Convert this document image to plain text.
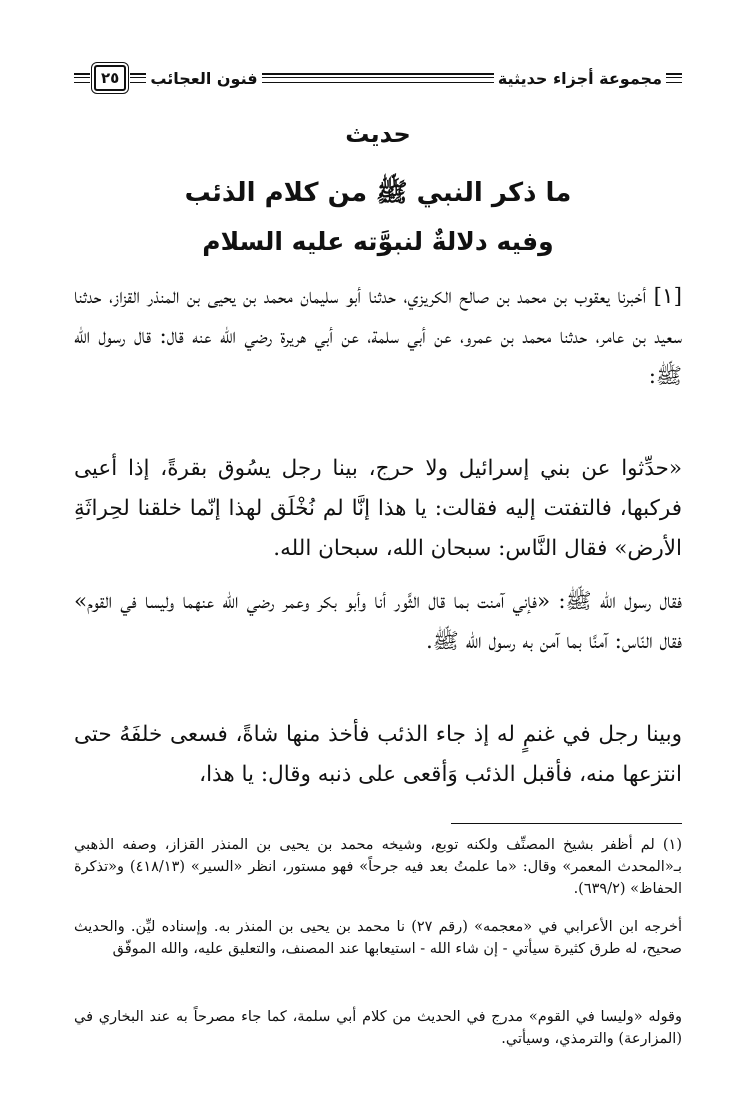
مجموعة أجزاء حديثية
فنون العجائب
٢٥
حديث
ما ذكر النبي ﷺ من كلام الذئب
وفيه دلالةٌ لنبوَّته عليه السلام
[١] أخبرنا يعقوب بن محمد بن صالح الكريزي، حدثنا أبو سليمان محمد بن يحيى بن المنذر القزاز، حدثنا سعيد بن عامر، حدثنا محمد بن عمرو، عن أبي سلمة، عن أبي هريرة رضي الله عنه قال: قال رسول الله ﷺ:
«حدِّثوا عن بني إسرائيل ولا حرج، بينا رجل يسُوق بقرةً، إذا أعيى فركبها، فالتفتت إليه فقالت: يا هذا إنَّا لم نُخْلَق لهذا إنّما خلقنا لحِراثَةِ الأرض» فقال النَّاس: سبحان الله، سبحان الله.
فقال رسول الله ﷺ: «فإني آمنت بما قال الثَّور أنا وأبو بكر وعمر رضي الله عنهما وليسا في القوم» فقال النّاس: آمنَّا بما آمن به رسول الله ﷺ.
وبينا رجل في غنمٍ له إذ جاء الذئب فأخذ منها شاةً، فسعى خلفَهُ حتى انتزعها منه، فأقبل الذئب وَأقعى على ذنبه وقال: يا هذا،
(١) لم أظفر بشيخ المصنِّف ولكنه توبع، وشيخه محمد بن يحيى بن المنذر القزاز، وصفه الذهبي بـ«المحدث المعمر» وقال: «ما علمتُ بعد فيه جرحاً» فهو مستور، انظر «السير» (٤١٨/١٣) و«تذكرة الحفاظ» (٦٣٩/٢).
أخرجه ابن الأعرابي في «معجمه» (رقم ٢٧) نا محمد بن يحيى بن المنذر به. وإسناده ليِّن. والحديث صحيح، له طرق كثيرة سيأتي - إن شاء الله - استيعابها عند المصنف، والتعليق عليه، والله الموفّق
وقوله «وليسا في القوم» مدرج في الحديث من كلام أبي سلمة، كما جاء مصرحاً به عند البخاري في (المزارعة) والترمذي، وسيأتي.
